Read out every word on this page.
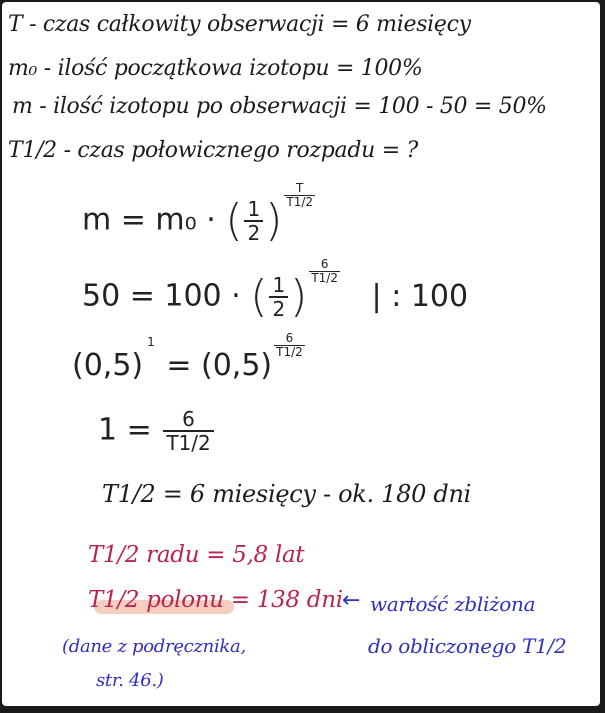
T - czas całkowity obserwacji = 6 miesięcy
m₀ - ilość początkowa izotopu = 100%
m - ilość izotopu po obserwacji = 100 - 50 = 50%
T1/2 - czas połowicznego rozpadu = ?
m = m₀ · ( $\frac{1}{2}$ ) $\frac{T}{T1/2}$
50 = 100 · ( $\frac{1}{2}$ ) $\frac{6}{T1/2}$
| : 100
(0,5)
1
= (0,5)
$\frac{6}{T1/2}$
$1 = \frac{6}{T1/2}$
T1/2 = 6 miesięcy - ok. 180 dni
T1/2 radu = 5,8 lat
T1/2 polonu = 138 dni ← wartość zbliżona
do obliczonego T1/2
(dane z podręcznika,
str. 46.)
